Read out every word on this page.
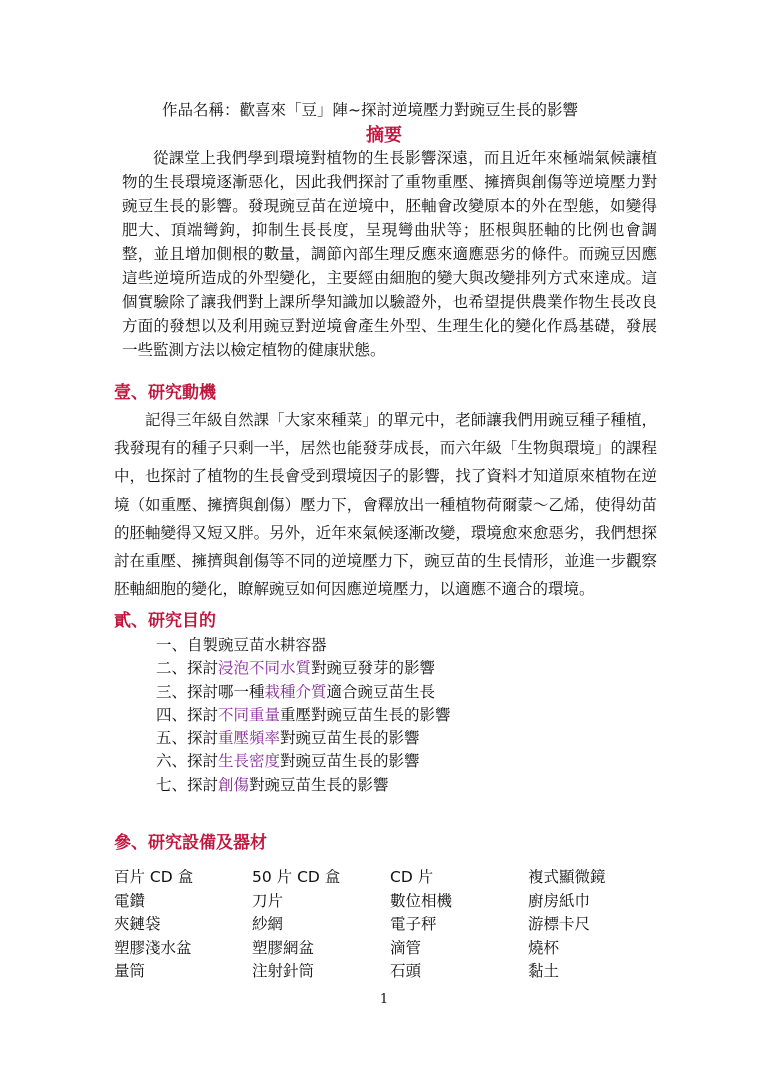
作品名稱：歡喜來「豆」陣~探討逆境壓力對豌豆生長的影響
摘要
從課堂上我們學到環境對植物的生長影響深遠，而且近年來極端氣候讓植物的生長環境逐漸惡化，因此我們探討了重物重壓、擁擠與創傷等逆境壓力對豌豆生長的影響。發現豌豆苗在逆境中，胚軸會改變原本的外在型態，如變得肥大、頂端彎鉤，抑制生長長度，呈現彎曲狀等；胚根與胚軸的比例也會調整，並且增加側根的數量，調節內部生理反應來適應惡劣的條件。而豌豆因應這些逆境所造成的外型變化，主要經由細胞的變大與改變排列方式來達成。這個實驗除了讓我們對上課所學知識加以驗證外，也希望提供農業作物生長改良方面的發想以及利用豌豆對逆境會產生外型、生理生化的變化作爲基礎，發展一些監測方法以檢定植物的健康狀態。
壹、研究動機
記得三年級自然課「大家來種菜」的單元中，老師讓我們用豌豆種子種植，我發現有的種子只剩一半，居然也能發芽成長，而六年級「生物與環境」的課程中，也探討了植物的生長會受到環境因子的影響，找了資料才知道原來植物在逆境（如重壓、擁擠與創傷）壓力下，會釋放出一種植物荷爾蒙～乙烯，使得幼苗的胚軸變得又短又胖。另外，近年來氣候逐漸改變，環境愈來愈惡劣，我們想探討在重壓、擁擠與創傷等不同的逆境壓力下，豌豆苗的生長情形，並進一步觀察胚軸細胞的變化，瞭解豌豆如何因應逆境壓力，以適應不適合的環境。
貳、研究目的
一、自製豌豆苗水耕容器
二、探討浸泡不同水質對豌豆發芽的影響
三、探討哪一種栽種介質適合豌豆苗生長
四、探討不同重量重壓對豌豆苗生長的影響
五、探討重壓頻率對豌豆苗生長的影響
六、探討生長密度對豌豆苗生長的影響
七、探討創傷對豌豆苗生長的影響
參、研究設備及器材
百片 CD 盒	50 片 CD 盒	CD 片	複式顯微鏡
電鑽	刀片	數位相機	廚房紙巾
夾鏈袋	紗網	電子秤	游標卡尺
塑膠淺水盆	塑膠網盆	滴管	燒杯
量筒	注射針筒	石頭	黏土
1
